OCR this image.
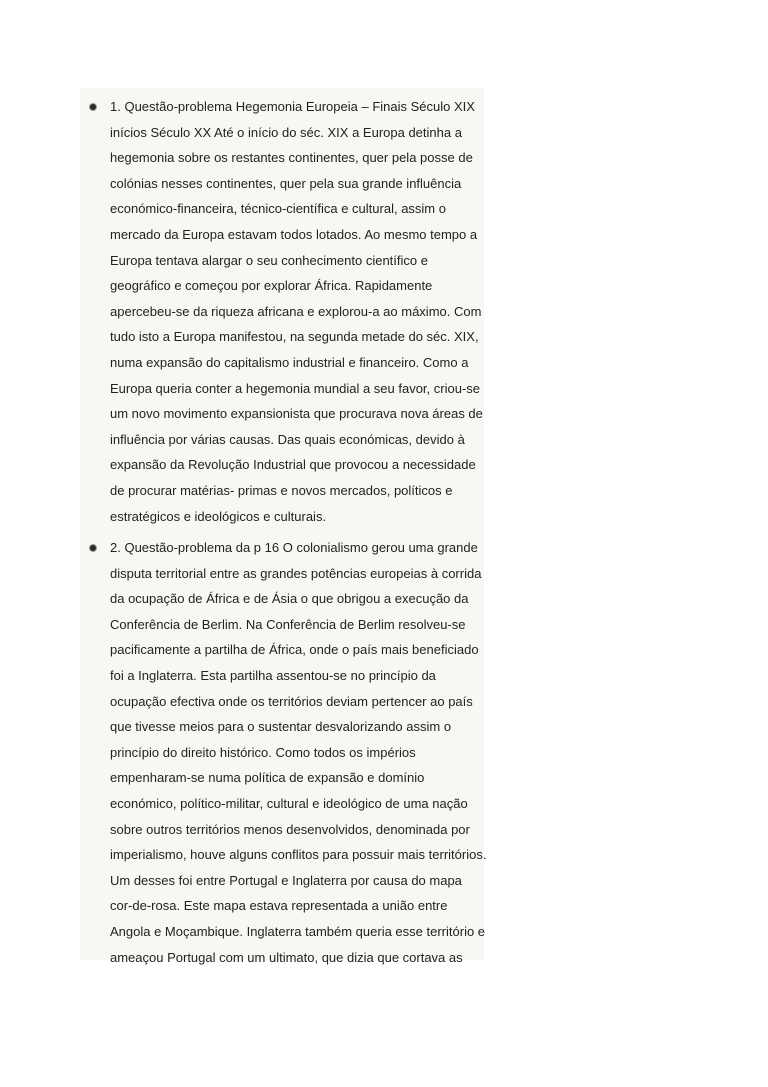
1. Questão-problema Hegemonia Europeia – Finais Século XIX
inícios Século XX Até o início do séc. XIX a Europa detinha a
hegemonia sobre os restantes continentes, quer pela posse de
colónias nesses continentes, quer pela sua grande influência
económico-financeira, técnico-científica e cultural, assim o
mercado da Europa estavam todos lotados. Ao mesmo tempo a
Europa tentava alargar o seu conhecimento científico e
geográfico e começou por explorar África. Rapidamente
apercebeu-se da riqueza africana e explorou-a ao máximo. Com
tudo isto a Europa manifestou, na segunda metade do séc. XIX,
numa expansão do capitalismo industrial e financeiro. Como a
Europa queria conter a hegemonia mundial a seu favor, criou-se
um novo movimento expansionista que procurava nova áreas de
influência por várias causas. Das quais económicas, devido à
expansão da Revolução Industrial que provocou a necessidade
de procurar matérias- primas e novos mercados, políticos e
estratégicos e ideológicos e culturais.
2. Questão-problema da p 16 O colonialismo gerou uma grande
disputa territorial entre as grandes potências europeias à corrida
da ocupação de África e de Ásia o que obrigou a execução da
Conferência de Berlim. Na Conferência de Berlim resolveu-se
pacificamente a partilha de África, onde o país mais beneficiado
foi a Inglaterra. Esta partilha assentou-se no princípio da
ocupação efectiva onde os territórios deviam pertencer ao país
que tivesse meios para o sustentar desvalorizando assim o
princípio do direito histórico. Como todos os impérios
empenharam-se numa política de expansão e domínio
económico, político-militar, cultural e ideológico de uma nação
sobre outros territórios menos desenvolvidos, denominada por
imperialismo, houve alguns conflitos para possuir mais territórios.
Um desses foi entre Portugal e Inglaterra por causa do mapa
cor-de-rosa. Este mapa estava representada a união entre
Angola e Moçambique. Inglaterra também queria esse território e
ameaçou Portugal com um ultimato, que dizia que cortava as
